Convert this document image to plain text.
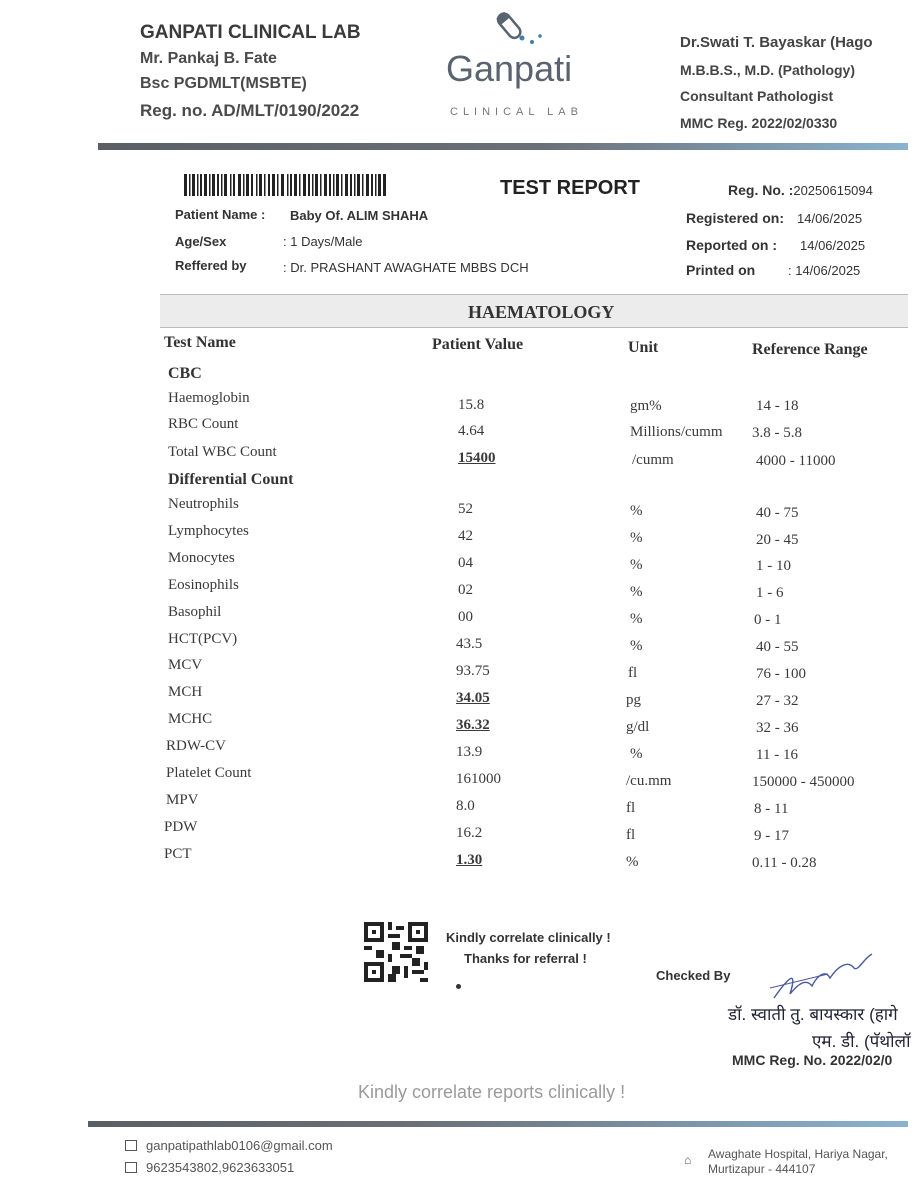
GANPATI CLINICAL LAB
Mr. Pankaj B. Fate
Bsc PGDMLT(MSBTE)
Reg. no. AD/MLT/0190/2022
Ganpati
CLINICAL LAB
Dr.Swati T. Bayaskar (Hago
M.B.B.S., M.D. (Pathology)
Consultant Pathologist
MMC Reg. 2022/02/0330
TEST REPORT	Reg. No. :20250615094
Patient Name : Baby Of. ALIM SHAHA
Age/Sex	: 1 Days/Male
Reffered by	: Dr. PRASHANT AWAGHATE MBBS DCH
Registered on: 14/06/2025
Reported on : 14/06/2025
Printed on	: 14/06/2025
HAEMATOLOGY
Test Name	Patient Value	Unit	Reference Range
CBC
Haemoglobin	15.8	gm%	14 - 18
RBC Count	4.64	Millions/cumm 3.8 - 5.8
Total WBC Count	15400	/cumm	4000 - 11000
Differential Count
Neutrophils	52	%	40 - 75
Lymphocytes	42	%	20 - 45
Monocytes	04	%	1 - 10
Eosinophils	02	%	1 - 6
Basophil	00	%	0 - 1
HCT(PCV)	43.5	%	40 - 55
MCV	93.75	fl	76 - 100
MCH	34.05	pg	27 - 32
MCHC	36.32	g/dl	32 - 36
RDW-CV	13.9	%	11 - 16
Platelet Count	161000	/cu.mm	150000 - 450000
MPV	8.0	fl	8 - 11
PDW	16.2	fl	9 - 17
PCT	1.30	%	0.11 - 0.28
Kindly correlate clinically !
Thanks for referral !
Checked By
डॉ. स्वाती तु. बायस्कार (हागे
एम. डी. (पॅथोलॉ
MMC Reg. No. 2022/02/0
Kindly correlate reports clinically !
ganpatipathlab0106@gmail.com
9623543802,9623633051	⌂ Awaghate Hospital, Hariya Nagar,
Murtizapur - 444107
